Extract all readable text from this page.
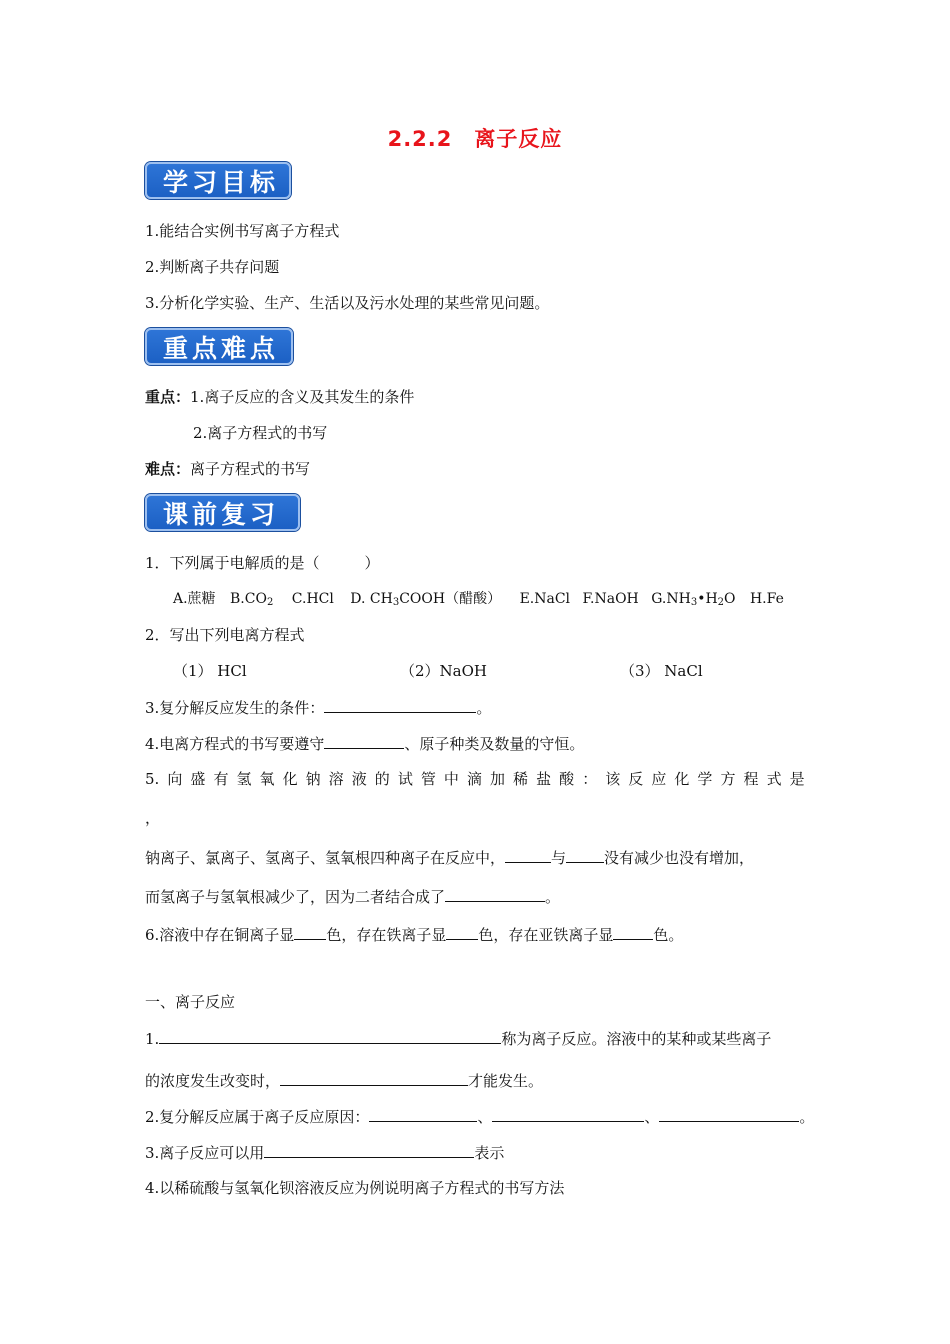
2.2.2　离子反应
学习目标
1.能结合实例书写离子方程式
2.判断离子共存问题
3.分析化学实验、生产、生活以及污水处理的某些常见问题。
重点难点
重点：1.离子反应的含义及其发生的条件
2.离子方程式的书写
难点：离子方程式的书写
课前复习
1．下列属于电解质的是（　　　）
A.蔗糖 $B.CO_2$ C.HCl D. $CH_3COOH$（醋酸） E.NaCl F.NaOH $G.NH_3•H_2O$ H.Fe
2．写出下列电离方程式
（1） HCl	（2）NaOH	（3） NaCl
3.复分解反应发生的条件：	。
4.电离方程式的书写要遵守	、原子种类及数量的守恒。
5. 向 盛 有 氢 氧 化 钠 溶 液 的 试 管 中 滴 加 稀 盐 酸 ： 该 反 应 化 学 方 程 式 是
，
钠离子、氯离子、氢离子、氢氧根四种离子在反应中，	与	没有减少也没有增加，
而氢离子与氢氧根减少了，因为二者结合成了	。
6.溶液中存在铜离子显 色，存在铁离子显 色，存在亚铁离子显	色。
一、离子反应
1.	称为离子反应。溶液中的某种或某些离子
的浓度发生改变时，	才能发生。
2.复分解反应属于离子反应原因：	、	、	。
3.离子反应可以用	表示
4.以稀硫酸与氢氧化钡溶液反应为例说明离子方程式的书写方法
